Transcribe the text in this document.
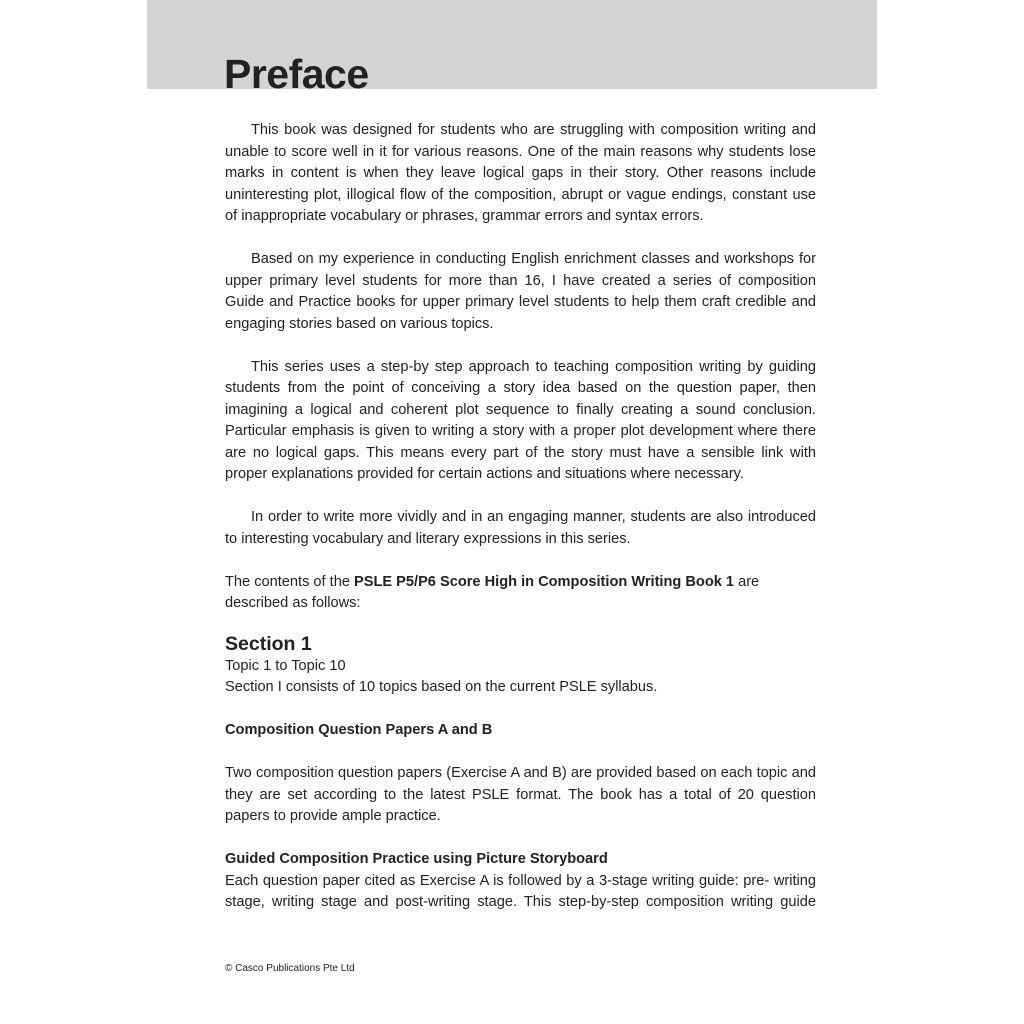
Preface

This book was designed for students who are struggling with composition writing and unable to score well in it for various reasons. One of the main reasons why students lose marks in content is when they leave logical gaps in their story. Other reasons include uninteresting plot, illogical flow of the composition, abrupt or vague endings, constant use of inappropriate vocabulary or phrases, grammar errors and syntax errors.

Based on my experience in conducting English enrichment classes and workshops for upper primary level students for more than 16, I have created a series of composition Guide and Practice books for upper primary level students to help them craft credible and engaging stories based on various topics.

This series uses a step-by step approach to teaching composition writing by guiding students from the point of conceiving a story idea based on the question paper, then imagining a logical and coherent plot sequence to finally creating a sound conclusion. Particular emphasis is given to writing a story with a proper plot development where there are no logical gaps. This means every part of the story must have a sensible link with proper explanations provided for certain actions and situations where necessary.

In order to write more vividly and in an engaging manner, students are also introduced to interesting vocabulary and literary expressions in this series.

The contents of the PSLE P5/P6 Score High in Composition Writing Book 1 are described as follows:

Section 1

Topic 1 to Topic 10

Section I consists of 10 topics based on the current PSLE syllabus.

Composition Question Papers A and B

Two composition question papers (Exercise A and B) are provided based on each topic and they are set according to the latest PSLE format. The book has a total of 20 question papers to provide ample practice.

Guided Composition Practice using Picture Storyboard

Each question paper cited as Exercise A is followed by a 3-stage writing guide: pre- writing stage, writing stage and post-writing stage. This step-by-step composition writing guide

© Casco Publications Pte Ltd
